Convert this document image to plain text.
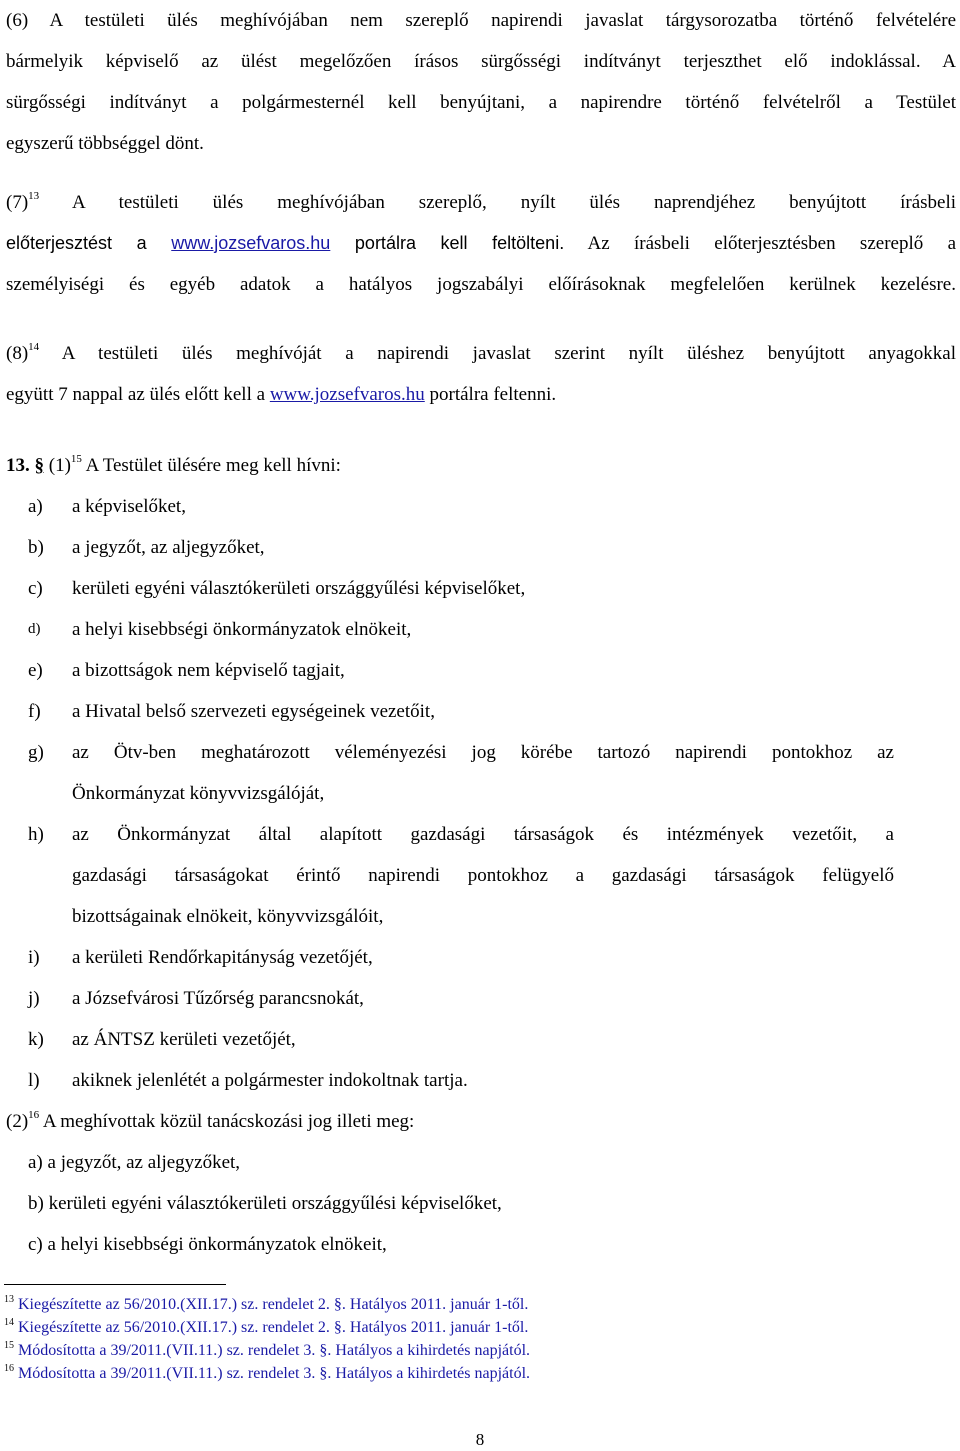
(6) A testületi ülés meghívójában nem szereplő napirendi javaslat tárgysorozatba történő felvételére
bármelyik képviselő az ülést megelőzően írásos sürgősségi indítványt terjeszthet elő indoklással. A
sürgősségi indítványt a polgármesternél kell benyújtani, a napirendre történő felvételről a Testület
egyszerű többséggel dönt.
$(7)^{13}$ A testületi ülés meghívójában szereplő, nyílt ülés naprendjéhez benyújtott írásbeli
előterjesztést a www.jozsefvaros.hu portálra kell feltölteni. Az írásbeli előterjesztésben szereplő a
személyiségi és egyéb adatok a hatályos jogszabályi előírásoknak megfelelően kerülnek kezelésre.
$(8)^{14}$ A testületi ülés meghívóját a napirendi javaslat szerint nyílt üléshez benyújtott anyagokkal
együtt 7 nappal az ülés előtt kell a www.jozsefvaros.hu portálra feltenni.
13. § $(1)^{15}$ A Testület ülésére meg kell hívni:
a) a képviselőket,
b) a jegyzőt, az aljegyzőket,
c) kerületi egyéni választókerületi országgyűlési képviselőket,
d) a helyi kisebbségi önkormányzatok elnökeit,
e) a bizottságok nem képviselő tagjait,
f) a Hivatal belső szervezeti egységeinek vezetőit,
g) az Ötv-ben meghatározott véleményezési jog körébe tartozó napirendi pontokhoz az
Önkormányzat könyvvizsgálóját,
h) az Önkormányzat által alapított gazdasági társaságok és intézmények vezetőit, a
gazdasági társaságokat érintő napirendi pontokhoz a gazdasági társaságok felügyelő
bizottságainak elnökeit, könyvvizsgálóit,
i) a kerületi Rendőrkapitányság vezetőjét,
j) a Józsefvárosi Tűzőrség parancsnokát,
k) az ÁNTSZ kerületi vezetőjét,
l) akiknek jelenlétét a polgármester indokoltnak tartja.
$(2)^{16}$ A meghívottak közül tanácskozási jog illeti meg:
a) a jegyzőt, az aljegyzőket,
b) kerületi egyéni választókerületi országgyűlési képviselőket,
c) a helyi kisebbségi önkormányzatok elnökeit,
$^{13}$ Kiegészítette az 56/2010.(XII.17.) sz. rendelet 2. §. Hatályos 2011. január 1-től.
$^{14}$ Kiegészítette az 56/2010.(XII.17.) sz. rendelet 2. §. Hatályos 2011. január 1-től.
$^{15}$ Módosította a 39/2011.(VII.11.) sz. rendelet 3. §. Hatályos a kihirdetés napjától.
$^{16}$ Módosította a 39/2011.(VII.11.) sz. rendelet 3. §. Hatályos a kihirdetés napjától.
8
